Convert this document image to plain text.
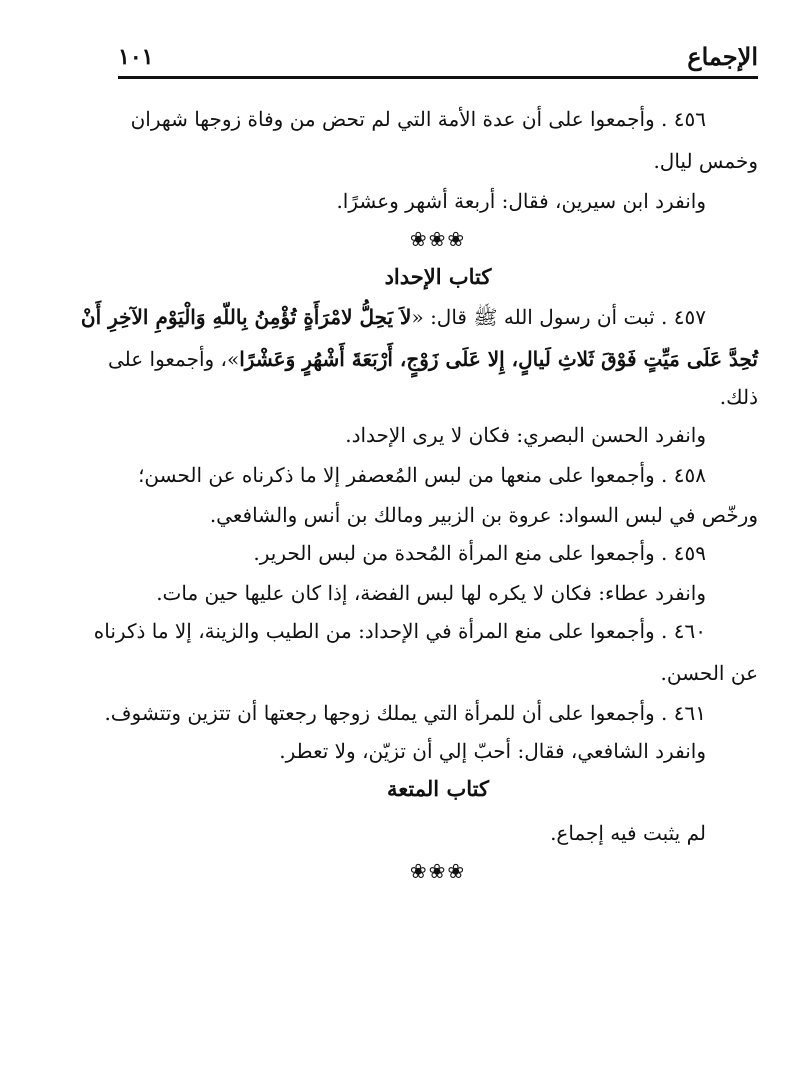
الإجماع
١٠١
٤٥٦ . وأجمعوا على أن عدة الأمة التي لم تحض من وفاة زوجها شهران
وخمس ليال.
وانفرد ابن سيرين، فقال: أربعة أشهر وعشرًا.
❀❀❀
كتاب الإحداد
٤٥٧ . ثبت أن رسول الله ﷺ قال: «لاَ يَحِلُّ لامْرَأَةٍ تُؤْمِنُ بِاللّهِ وَالْيَوْمِ الآخِرِ أَنْ
تُحِدَّ عَلَى مَيِّتٍ فَوْقَ ثَلاثِ لَيالٍ، إِلا عَلَى زَوْجٍ، أَرْبَعَةَ أَشْهُرٍ وَعَشْرًا»، وأجمعوا على
ذلك.
وانفرد الحسن البصري: فكان لا يرى الإحداد.
٤٥٨ . وأجمعوا على منعها من لبس المُعصفر إلا ما ذكرناه عن الحسن؛
ورخّص في لبس السواد: عروة بن الزبير ومالك بن أنس والشافعي.
٤٥٩ . وأجمعوا على منع المرأة المُحدة من لبس الحرير.
وانفرد عطاء: فكان لا يكره لها لبس الفضة، إذا كان عليها حين مات.
٤٦٠ . وأجمعوا على منع المرأة في الإحداد: من الطيب والزينة، إلا ما ذكرناه
عن الحسن.
٤٦١ . وأجمعوا على أن للمرأة التي يملك زوجها رجعتها أن تتزين وتتشوف.
وانفرد الشافعي، فقال: أحبّ إلي أن تزيّن، ولا تعطر.
كتاب المتعة
لم يثبت فيه إجماع.
❀❀❀
